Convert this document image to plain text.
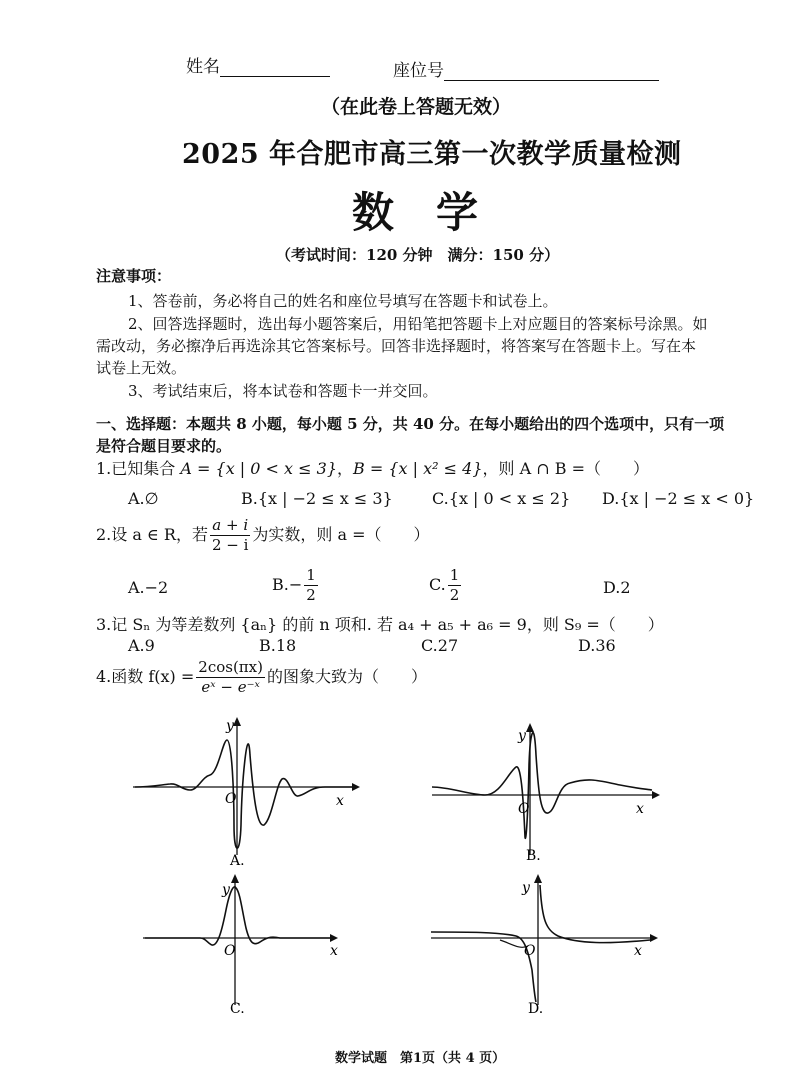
姓名	座位号
（在此卷上答题无效）
2025 年合肥市高三第一次教学质量检测
数　学
（考试时间：120 分钟　满分：150 分）
注意事项：
1、答卷前，务必将自己的姓名和座位号填写在答题卡和试卷上。
2、回答选择题时，选出每小题答案后，用铅笔把答题卡上对应题目的答案标号涂黑。如
需改动，务必擦净后再选涂其它答案标号。回答非选择题时，将答案写在答题卡上。写在本
试卷上无效。
3、考试结束后，将本试卷和答题卡一并交回。
一、选择题：本题共 8 小题，每小题 5 分，共 40 分。在每小题给出的四个选项中，只有一项
是符合题目要求的。
1.已知集合 A = {x | 0 < x ≤ 3}，B = {x | x² ≤ 4}，则 A ∩ B =（　　）
A.∅	B.{x | −2 ≤ x ≤ 3} C.{x | 0 < x ≤ 2} D.{x | −2 ≤ x < 0}
2.设 a ∈ R，若 $\frac{a + i}{2 - i}$ 为实数，则 a =（　　）
A.−2	$B.- \frac{1}{2}$	C. $\frac{1}{2}$	D.2
3.记 Sₙ 为等差数列 {aₙ} 的前 n 项和. 若 a₄ + a₅ + a₆ = 9，则 S₉ =（　　）
A.9	B.18	C.27	D.36
4.函数 $f(x) = \frac{2\cos(\pi x)}{\text{eˣ − e⁻ˣ}}$ 的图象大致为（　　）
O	x
y
A.
O	x
y
B.
O	x
y
C.
O	x
y
D.
数学试题　第1页（共 4 页）
